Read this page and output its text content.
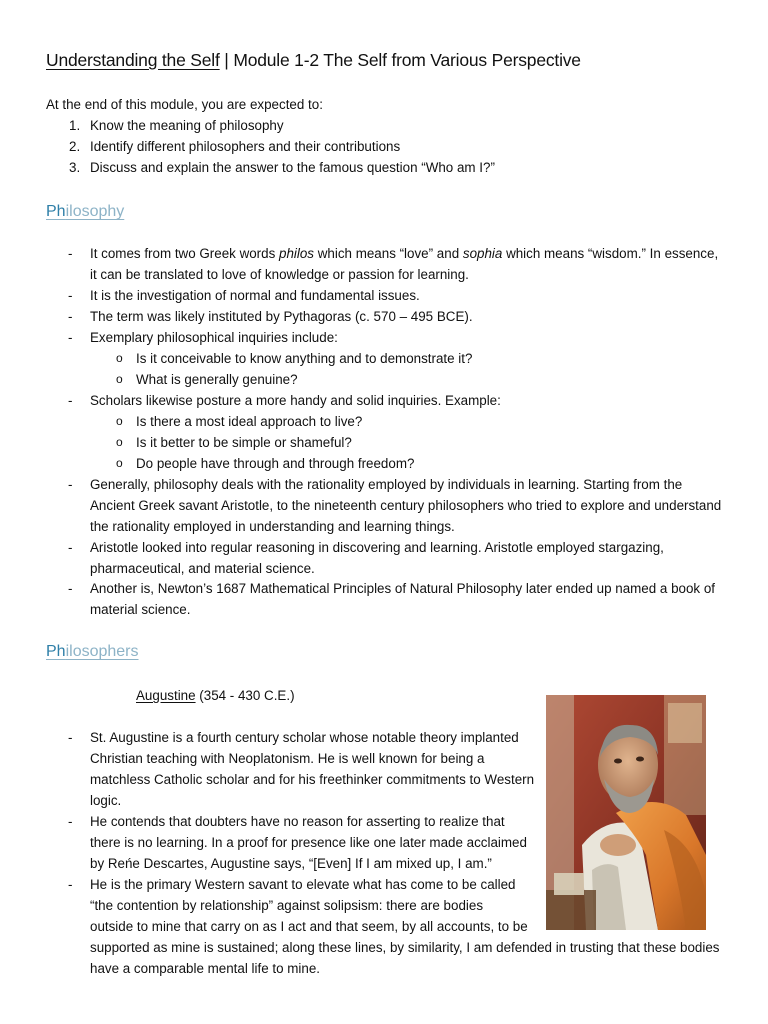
Understanding the Self | Module 1-2 The Self from Various Perspective
At the end of this module, you are expected to:
1. Know the meaning of philosophy
2. Identify different philosophers and their contributions
3. Discuss and explain the answer to the famous question “Who am I?”
Philosophy
- It comes from two Greek words philos which means “love” and sophia which means “wisdom.” In essence,
it can be translated to love of knowledge or passion for learning.
- It is the investigation of normal and fundamental issues.
- The term was likely instituted by Pythagoras (c. 570 – 495 BCE).
- Exemplary philosophical inquiries include:
o Is it conceivable to know anything and to demonstrate it?
o What is generally genuine?
- Scholars likewise posture a more handy and solid inquiries. Example:
o Is there a most ideal approach to live?
o Is it better to be simple or shameful?
o Do people have through and through freedom?
- Generally, philosophy deals with the rationality employed by individuals in learning. Starting from the
Ancient Greek savant Aristotle, to the nineteenth century philosophers who tried to explore and understand
the rationality employed in understanding and learning things.
- Aristotle looked into regular reasoning in discovering and learning. Aristotle employed stargazing,
pharmaceutical, and material science.
- Another is, Newton’s 1687 Mathematical Principles of Natural Philosophy later ended up named a book of
material science.
Philosophers
Augustine (354 - 430 C.E.)
- St. Augustine is a fourth century scholar whose notable theory implanted
Christian teaching with Neoplatonism. He is well known for being a
matchless Catholic scholar and for his freethinker commitments to Western
logic.
- He contends that doubters have no reason for asserting to realize that
there is no learning. In a proof for presence like one later made acclaimed
by Reńe Descartes, Augustine says, “[Even] If I am mixed up, I am.”
- He is the primary Western savant to elevate what has come to be called
“the contention by relationship” against solipsism: there are bodies
outside to mine that carry on as I act and that seem, by all accounts, to be
supported as mine is sustained; along these lines, by similarity, I am defended in trusting that these bodies
have a comparable mental life to mine.
